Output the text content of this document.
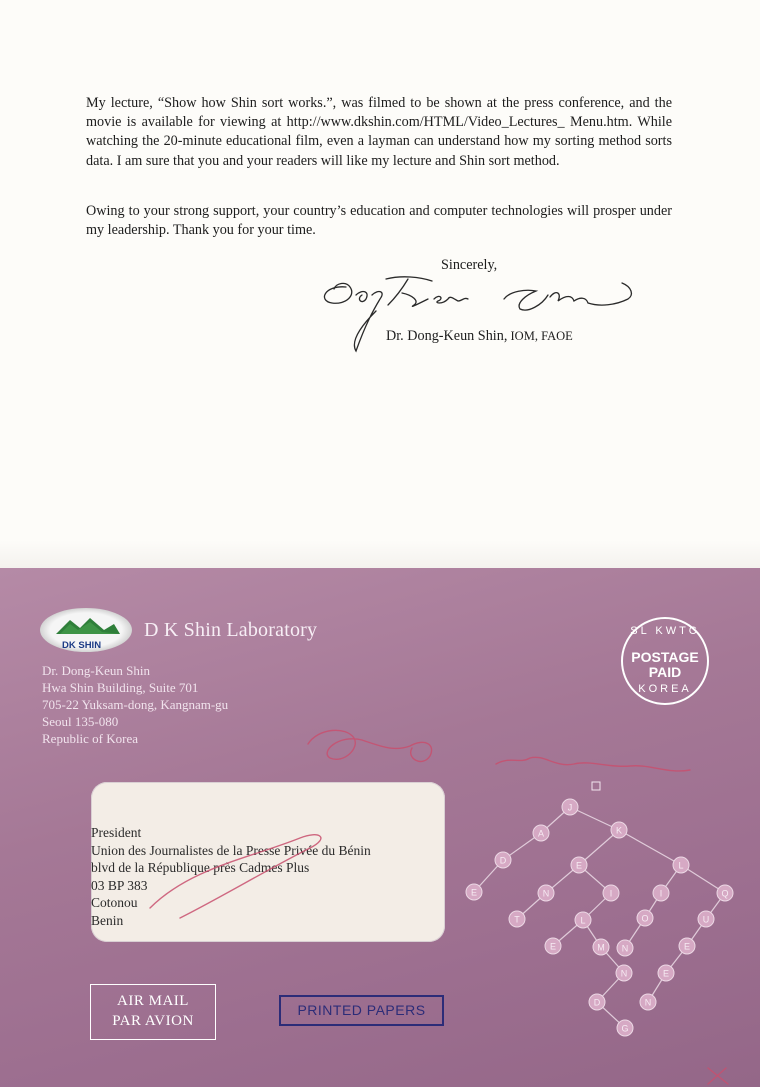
My lecture, “Show how Shin sort works.”, was filmed to be shown at the press conference, and the movie is available for viewing at http://www.dkshin.com/HTML/Video_Lectures_ Menu.htm. While watching the 20-minute educational film, even a layman can understand how my sorting method sorts data. I am sure that you and your readers will like my lecture and Shin sort method.

Owing to your strong support, your country’s education and computer technologies will prosper under my leadership. Thank you for your time.

Sincerely,
Dr. Dong-Keun Shin, IOM, FAOE
DK SHIN
D K Shin Laboratory
Dr. Dong-Keun Shin
Hwa Shin Building, Suite 701
705-22 Yuksam-dong, Kangnam-gu
Seoul 135-080
Republic of Korea
SL KWTC
POSTAGE
PAID
KOREA
J
A	K
D	E	L
E	N	I	I	Q
T	L	O	U
E	M N	E
N	E
N
D
G
President
Union des Journalistes de la Presse Privée du Bénin
blvd de la République près Cadmes Plus
03 BP 383
Cotonou
Benin
AIR MAIL
PAR AVION
PRINTED PAPERS
